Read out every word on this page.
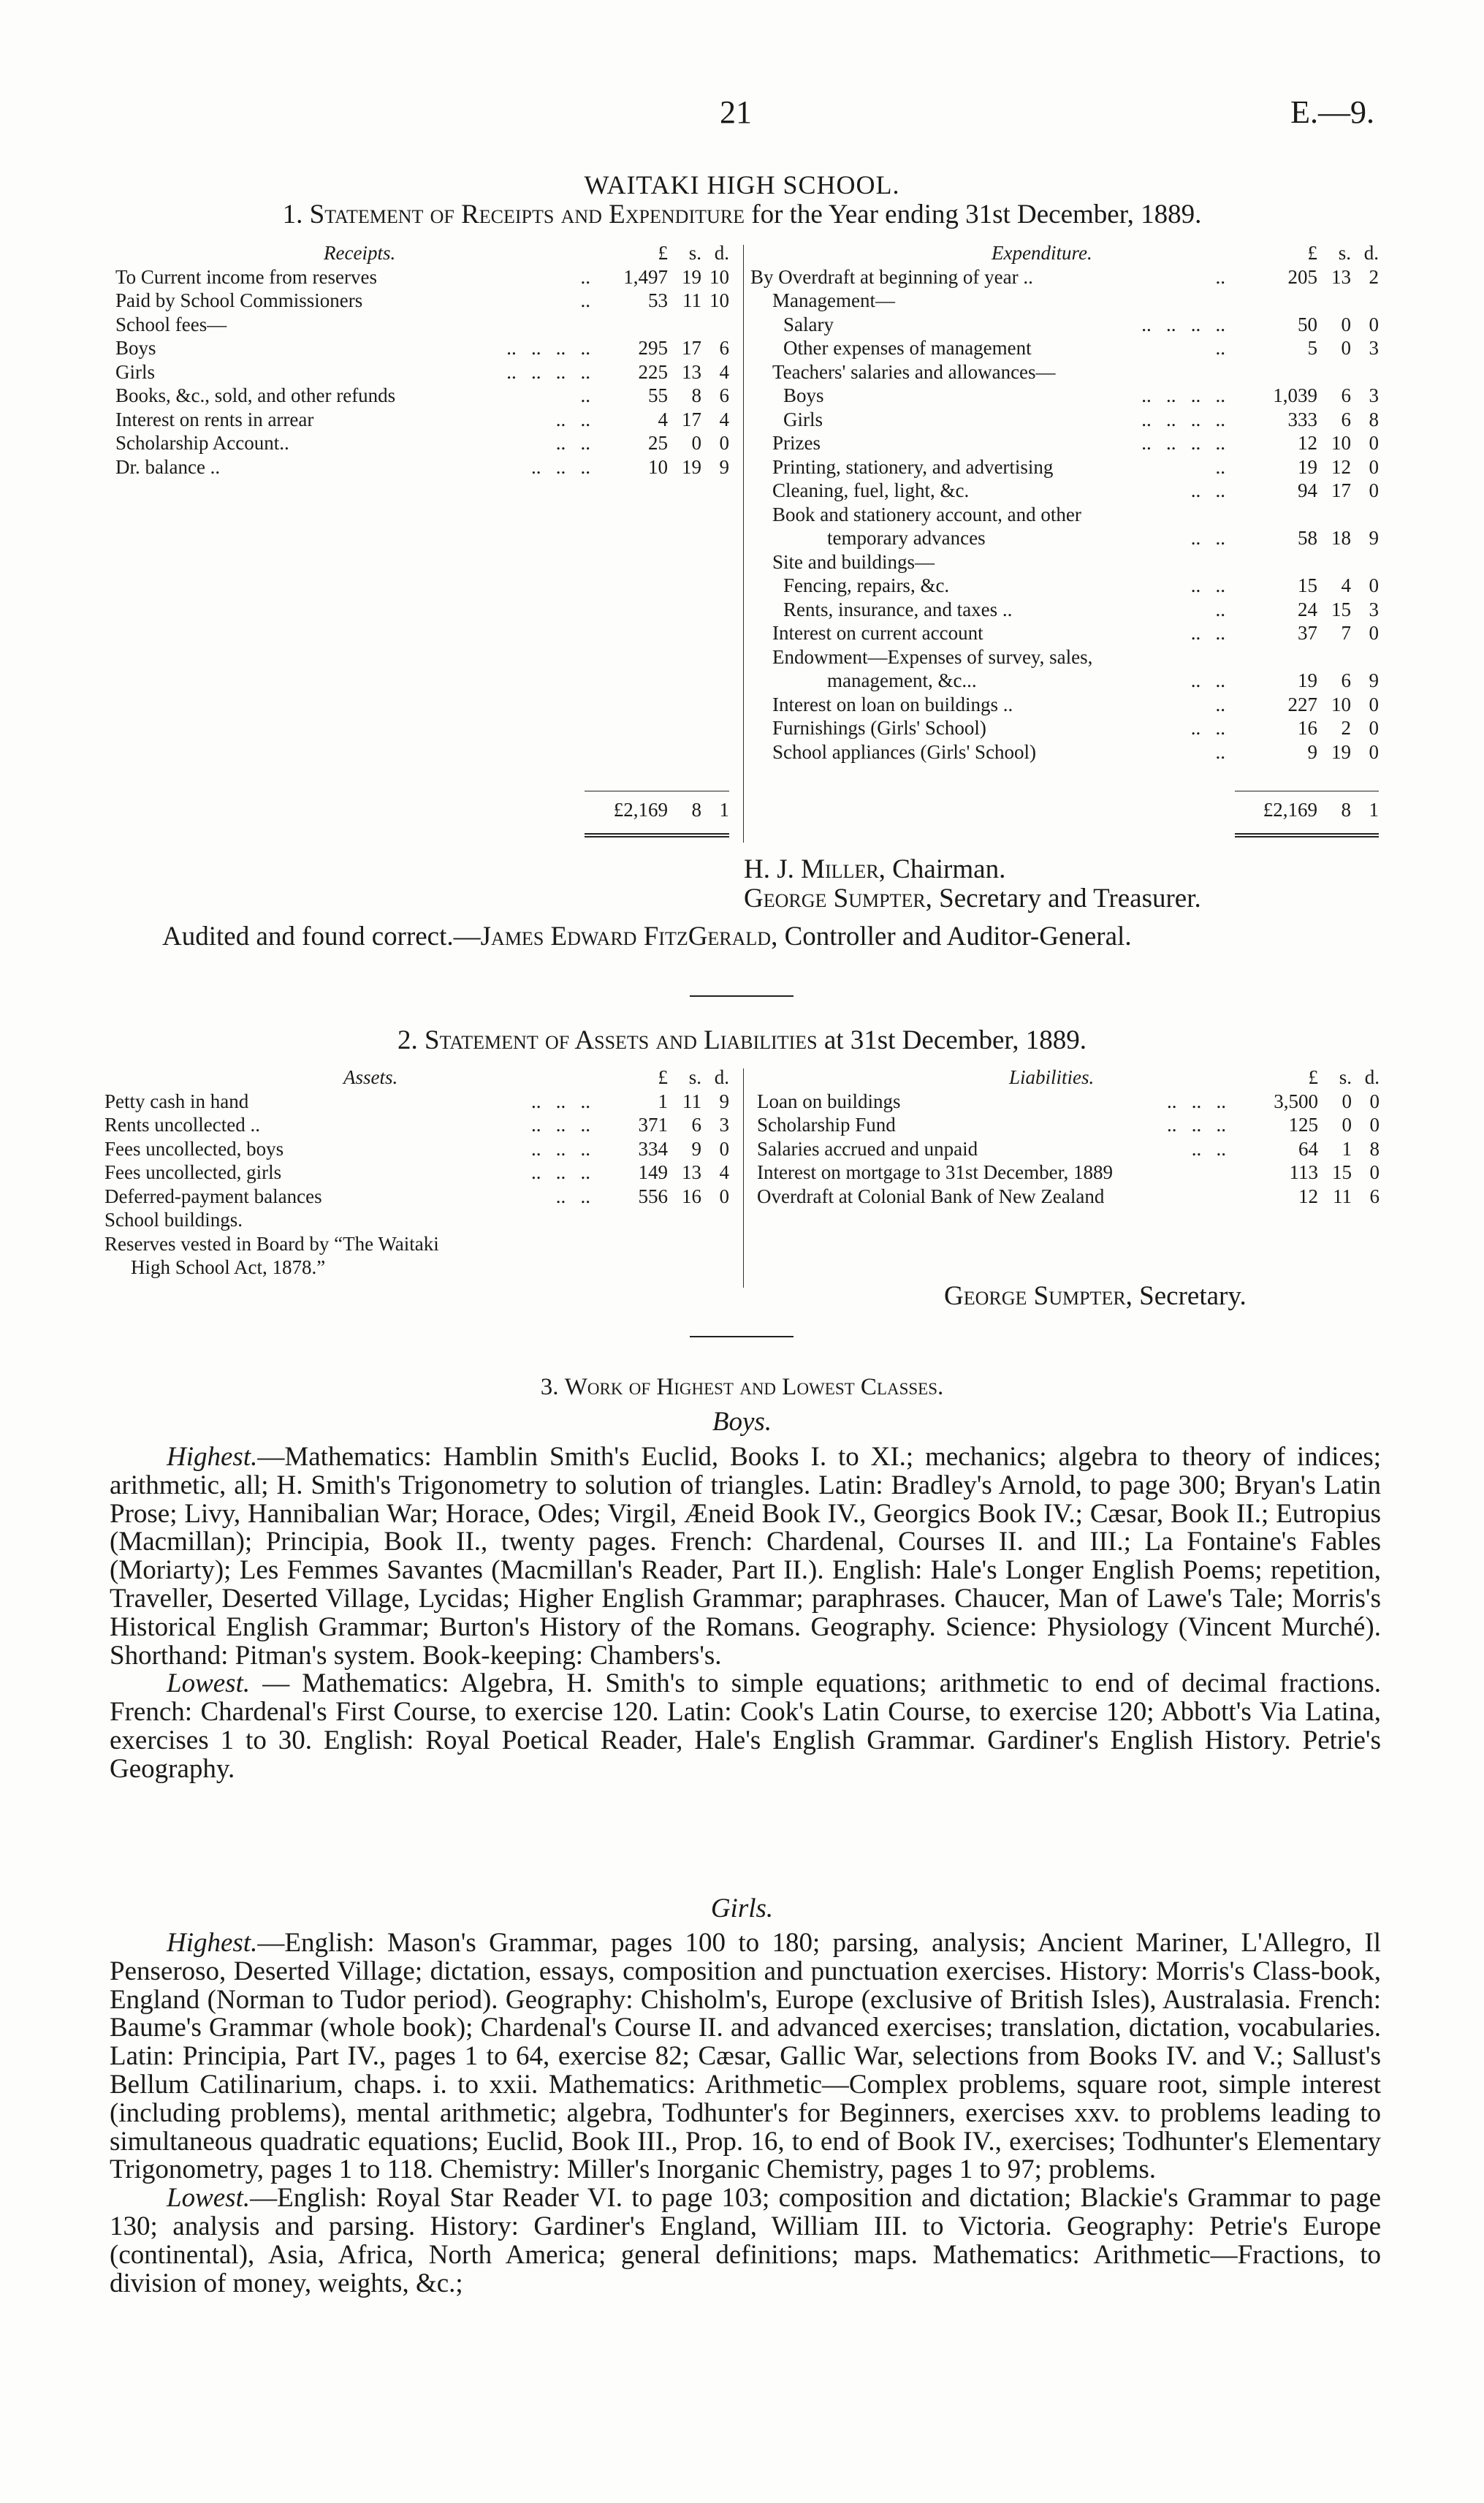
21	E.—9.
WAITAKI HIGH SCHOOL.
1. Statement of Receipts and Expenditure for the Year ending 31st December, 1889.
Receipts.	£ s. d.
To Current income from reserves	..	1,497 19 10
Paid by School Commissioners	..	53 11 10
School fees—
Boys	..   ..   ..   ..	295 17 6
Girls	..   ..   ..   ..	225 13 4
Books, &c., sold, and other refunds	..	55 8 6
Interest on rents in arrear	..   ..	4 17 4
Scholarship Account..	..   ..	25 0 0
Dr. balance ..	..   ..   ..	10 19 9
£2,169 8 1
Expenditure.	£ s. d.
By Overdraft at beginning of year ..	..	205 13 2
Management—
Salary	..   ..   ..   ..	50 0 0
Other expenses of management	..	5 0 3
Teachers' salaries and allowances—
Boys	..   ..   ..   ..	1,039 6 3
Girls	..   ..   ..   ..	333 6 8
Prizes	..   ..   ..   ..	12 10 0
Printing, stationery, and advertising	..	19 12 0
Cleaning, fuel, light, &c.	..   ..	94 17 0
Book and stationery account, and other
temporary advances	..   ..	58 18 9
Site and buildings—
Fencing, repairs, &c.	..   ..	15 4 0
Rents, insurance, and taxes ..	..	24 15 3
Interest on current account	..   ..	37 7 0
Endowment—Expenses of survey, sales,
management, &c...	..   ..	19 6 9
Interest on loan on buildings ..	..	227 10 0
Furnishings (Girls' School)	..   ..	16 2 0
School appliances (Girls' School)	..	9 19 0
£2,169 8 1
H. J. Miller, Chairman.
George Sumpter, Secretary and Treasurer.
Audited and found correct.—James Edward FitzGerald, Controller and Auditor-General.
2. Statement of Assets and Liabilities at 31st December, 1889.
Assets.	£ s. d.
Petty cash in hand	..   ..   ..	1 11 9
Rents uncollected ..	..   ..   ..	371 6 3
Fees uncollected, boys	..   ..   ..	334 9 0
Fees uncollected, girls	..   ..   ..	149 13 4
Deferred-payment balances	..   ..	556 16 0
School buildings.
Reserves vested in Board by “The Waitaki
High School Act, 1878.”
Liabilities.	£ s. d.
Loan on buildings	..   ..   ..	3,500 0 0
Scholarship Fund	..   ..   ..	125 0 0
Salaries accrued and unpaid	..   ..	64 1 8
Interest on mortgage to 31st December, 1889	113 15 0
Overdraft at Colonial Bank of New Zealand	12 11 6
George Sumpter, Secretary.
3. Work of Highest and Lowest Classes.
Boys.

Highest.—Mathematics: Hamblin Smith's Euclid, Books I. to XI.; mechanics; algebra to theory of indices; arithmetic, all; H. Smith's Trigonometry to solution of triangles. Latin: Bradley's Arnold, to page 300; Bryan's Latin Prose; Livy, Hannibalian War; Horace, Odes; Virgil, Æneid Book IV., Georgics Book IV.; Cæsar, Book II.; Eutropius (Macmillan); Principia, Book II., twenty pages. French: Chardenal, Courses II. and III.; La Fontaine's Fables (Moriarty); Les Femmes Savantes (Macmillan's Reader, Part II.). English: Hale's Longer English Poems; repetition, Traveller, Deserted Village, Lycidas; Higher English Grammar; paraphrases. Chaucer, Man of Lawe's Tale; Morris's Historical English Grammar; Burton's History of the Romans. Geography. Science: Physiology (Vincent Murché). Shorthand: Pitman's system. Book-keeping: Chambers's.

Lowest. — Mathematics: Algebra, H. Smith's to simple equations; arithmetic to end of decimal fractions. French: Chardenal's First Course, to exercise 120. Latin: Cook's Latin Course, to exercise 120; Abbott's Via Latina, exercises 1 to 30. English: Royal Poetical Reader, Hale's English Grammar. Gardiner's English History. Petrie's Geography.

Girls.

Highest.—English: Mason's Grammar, pages 100 to 180; parsing, analysis; Ancient Mariner, L'Allegro, Il Penseroso, Deserted Village; dictation, essays, composition and punctuation exercises. History: Morris's Class-book, England (Norman to Tudor period). Geography: Chisholm's, Europe (exclusive of British Isles), Australasia. French: Baume's Grammar (whole book); Chardenal's Course II. and advanced exercises; translation, dictation, vocabularies. Latin: Principia, Part IV., pages 1 to 64, exercise 82; Cæsar, Gallic War, selections from Books IV. and V.; Sallust's Bellum Catilinarium, chaps. i. to xxii. Mathematics: Arithmetic—Complex problems, square root, simple interest (including problems), mental arithmetic; algebra, Todhunter's for Beginners, exercises xxv. to problems leading to simultaneous quadratic equations; Euclid, Book III., Prop. 16, to end of Book IV., exercises; Todhunter's Elementary Trigonometry, pages 1 to 118. Chemistry: Miller's Inorganic Chemistry, pages 1 to 97; problems.

Lowest.—English: Royal Star Reader VI. to page 103; composition and dictation; Blackie's Grammar to page 130; analysis and parsing. History: Gardiner's England, William III. to Victoria. Geography: Petrie's Europe (continental), Asia, Africa, North America; general definitions; maps. Mathematics: Arithmetic—Fractions, to division of money, weights, &c.;
